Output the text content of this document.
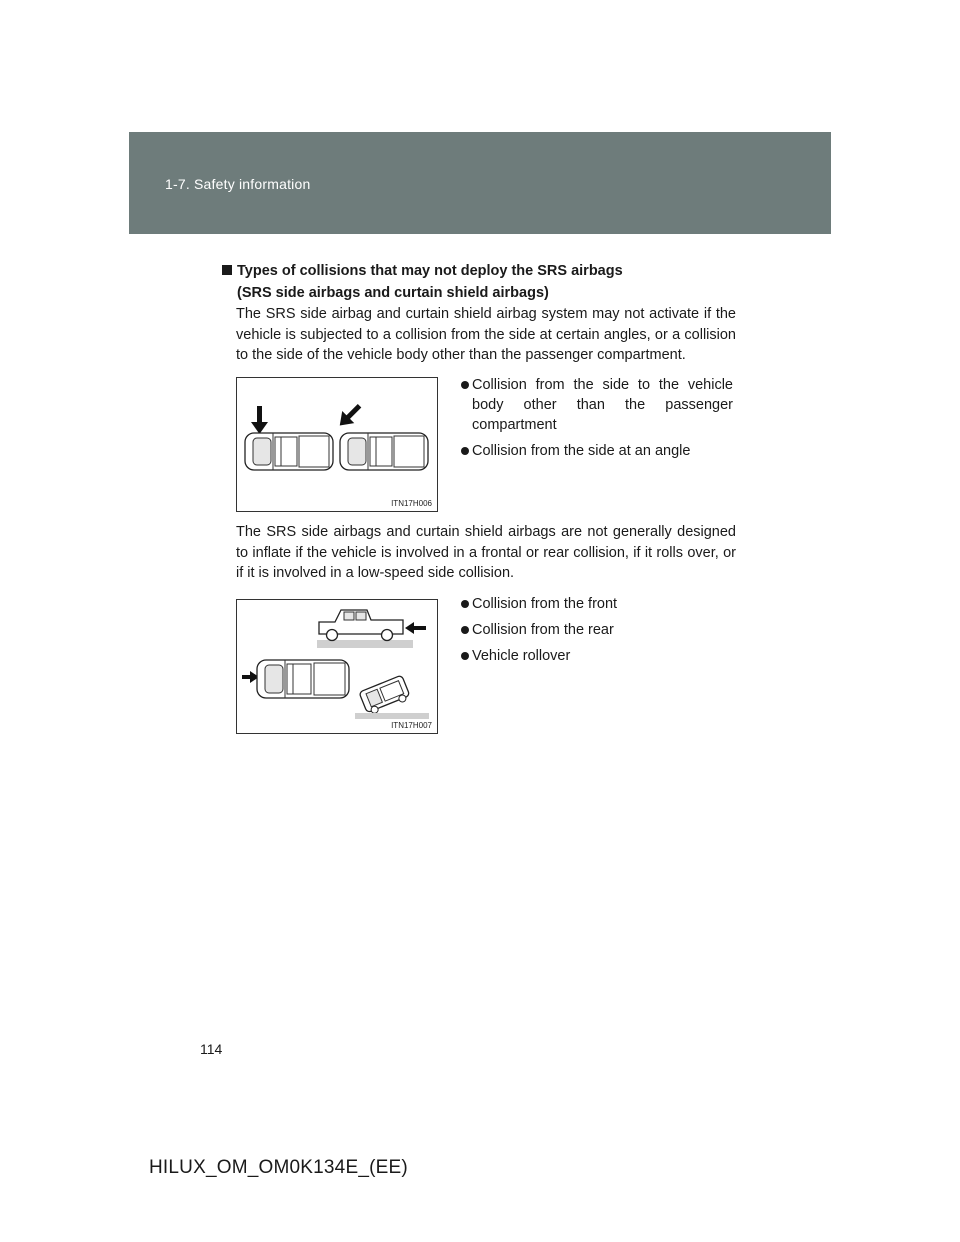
1-7. Safety information
Types of collisions that may not deploy the SRS airbags
(SRS side airbags and curtain shield airbags)
The SRS side airbag and curtain shield airbag system may not activate if the vehicle is subjected to a collision from the side at certain angles, or a collision to the side of the vehicle body other than the passenger compartment.
ITN17H006
Collision from the side to the vehicle body other than the passenger compartment
Collision from the side at an angle
The SRS side airbags and curtain shield airbags are not generally designed to inflate if the vehicle is involved in a frontal or rear collision, if it rolls over, or if it is involved in a low-speed side collision.
ITN17H007
Collision from the front
Collision from the rear
Vehicle rollover
114
HILUX_OM_OM0K134E_(EE)
